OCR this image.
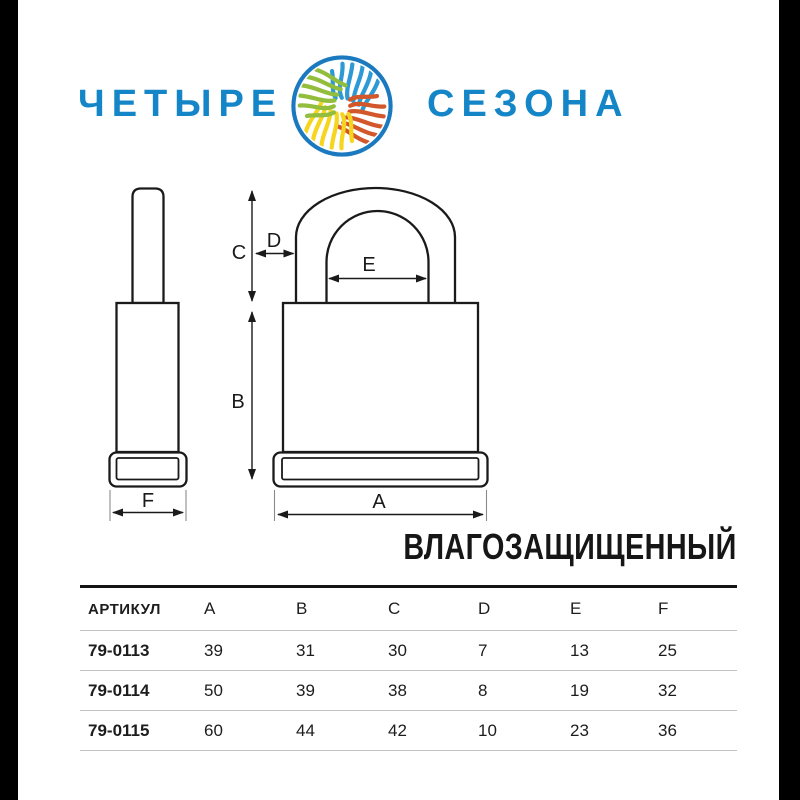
ЧЕТЫРЕ	СЕЗОНА
F
C
D
E
B
A
ВЛАГОЗАЩИЩЕННЫЙ
АРТИКУЛ	A	B	C	D	E	F
79-0113	39	31	30	7	13	25
79-0114	50	39	38	8	19	32
79-0115	60	44	42	10	23	36
